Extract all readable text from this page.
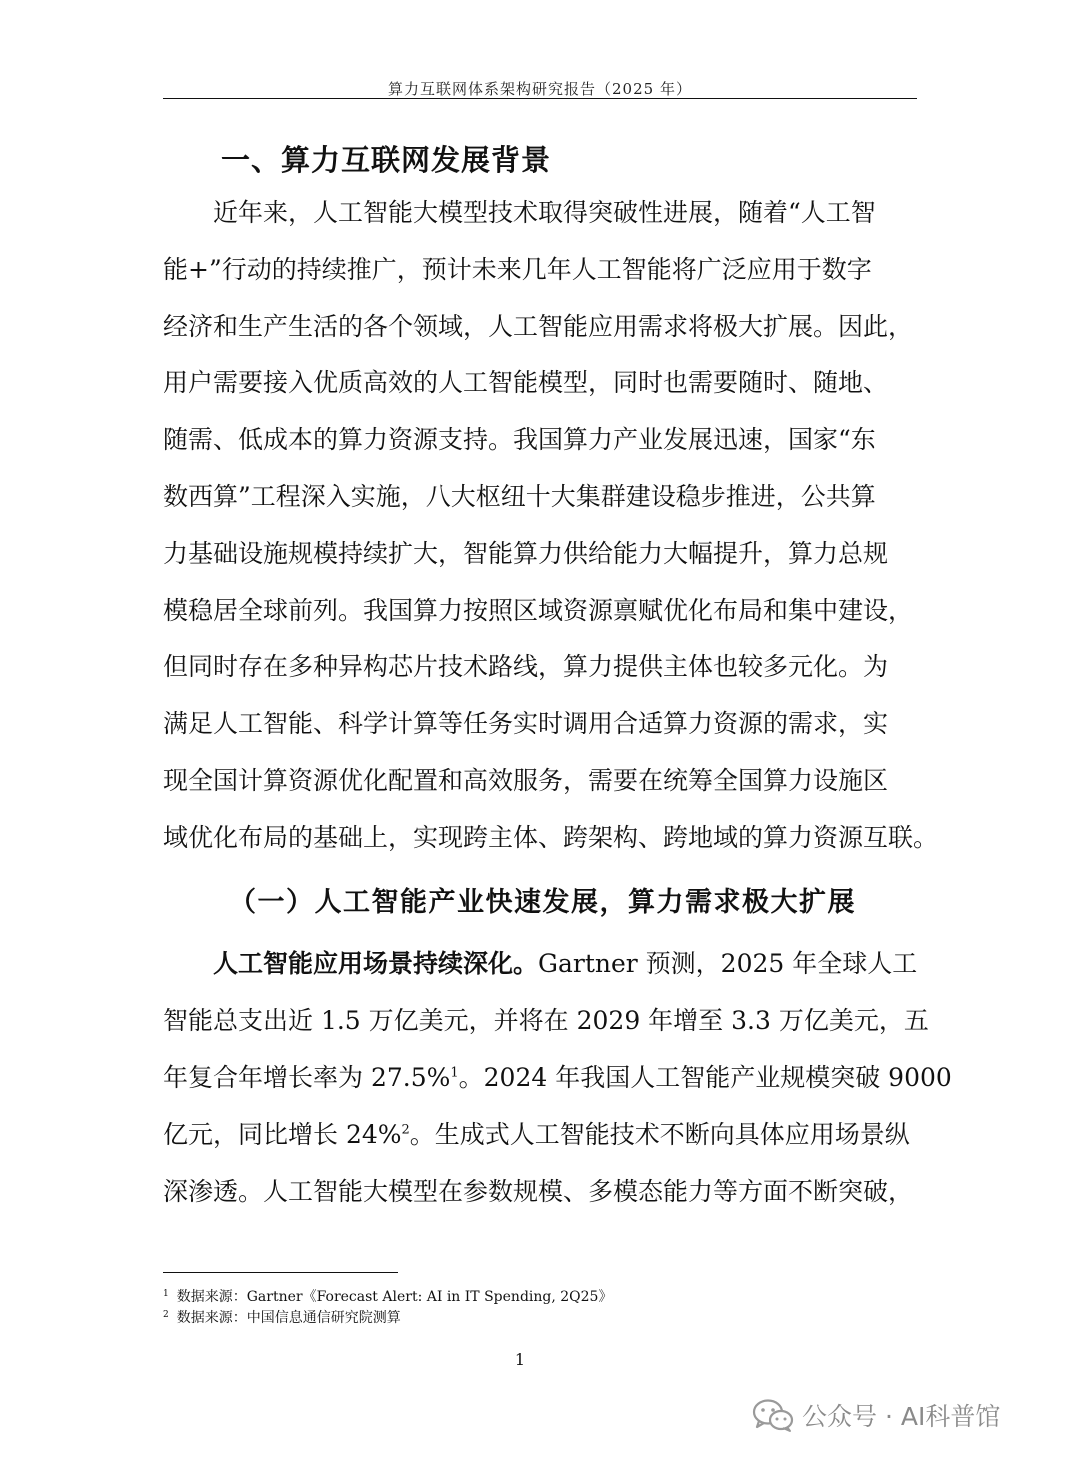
算力互联网体系架构研究报告（2025 年）
一、算力互联网发展背景
近年来，人工智能大模型技术取得突破性进展，随着“人工智
能+”行动的持续推广，预计未来几年人工智能将广泛应用于数字
经济和生产生活的各个领域，人工智能应用需求将极大扩展。因此，
用户需要接入优质高效的人工智能模型，同时也需要随时、随地、
随需、低成本的算力资源支持。我国算力产业发展迅速，国家“东
数西算”工程深入实施，八大枢纽十大集群建设稳步推进，公共算
力基础设施规模持续扩大，智能算力供给能力大幅提升，算力总规
模稳居全球前列。我国算力按照区域资源禀赋优化布局和集中建设，
但同时存在多种异构芯片技术路线，算力提供主体也较多元化。为
满足人工智能、科学计算等任务实时调用合适算力资源的需求，实
现全国计算资源优化配置和高效服务，需要在统筹全国算力设施区
域优化布局的基础上，实现跨主体、跨架构、跨地域的算力资源互联。
（一）人工智能产业快速发展，算力需求极大扩展
人工智能应用场景持续深化。 Gartner 预测，2025 年全球人工
智能总支出近 1.5 万亿美元，并将在 2029 年增至 3.3 万亿美元，五
年复合年增长率为 27.5%$^1$。2024 年我国人工智能产业规模突破 9000
亿元，同比增长 24%$^2$。生成式人工智能技术不断向具体应用场景纵
深渗透。人工智能大模型在参数规模、多模态能力等方面不断突破，
$^1$ 数据来源：Gartner《Forecast Alert: AI in IT Spending, 2Q25》
$^2$ 数据来源：中国信息通信研究院测算
1
公众号 · AI科普馆
